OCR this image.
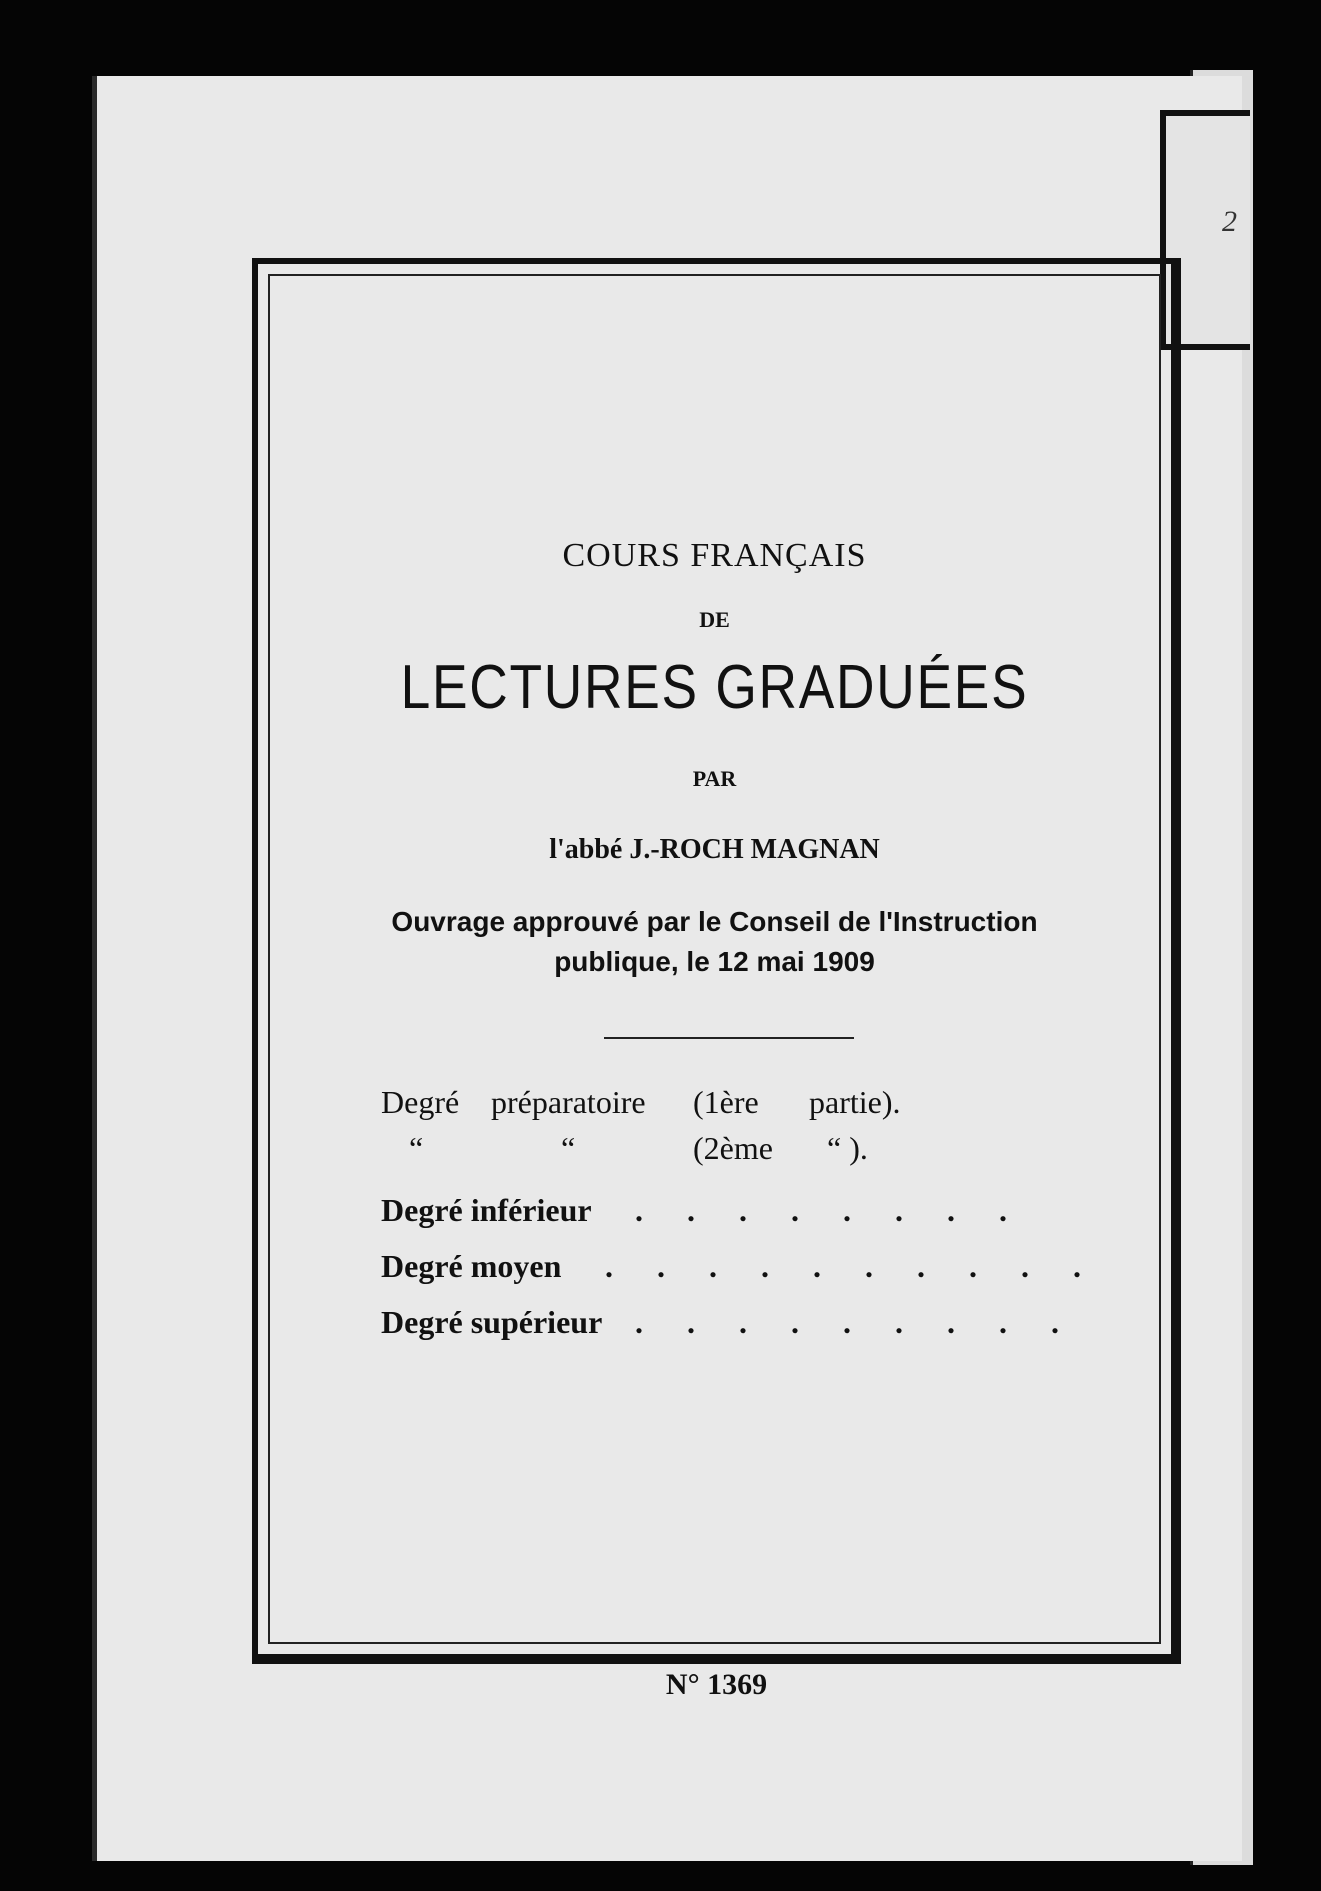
2
COURS FRANÇAIS
DE
LECTURES GRADUÉES
PAR
l'abbé J.-ROCH MAGNAN
Ouvrage approuvé par le Conseil de l'Instruction
publique, le 12 mai 1909
Degré préparatoire (1ère partie).
“	“	(2ème “ ).
Degré inférieur . . . . . . . .
Degré moyen . . . . . . . . . .
Degré supérieur . . . . . . . . .
N° 1369
